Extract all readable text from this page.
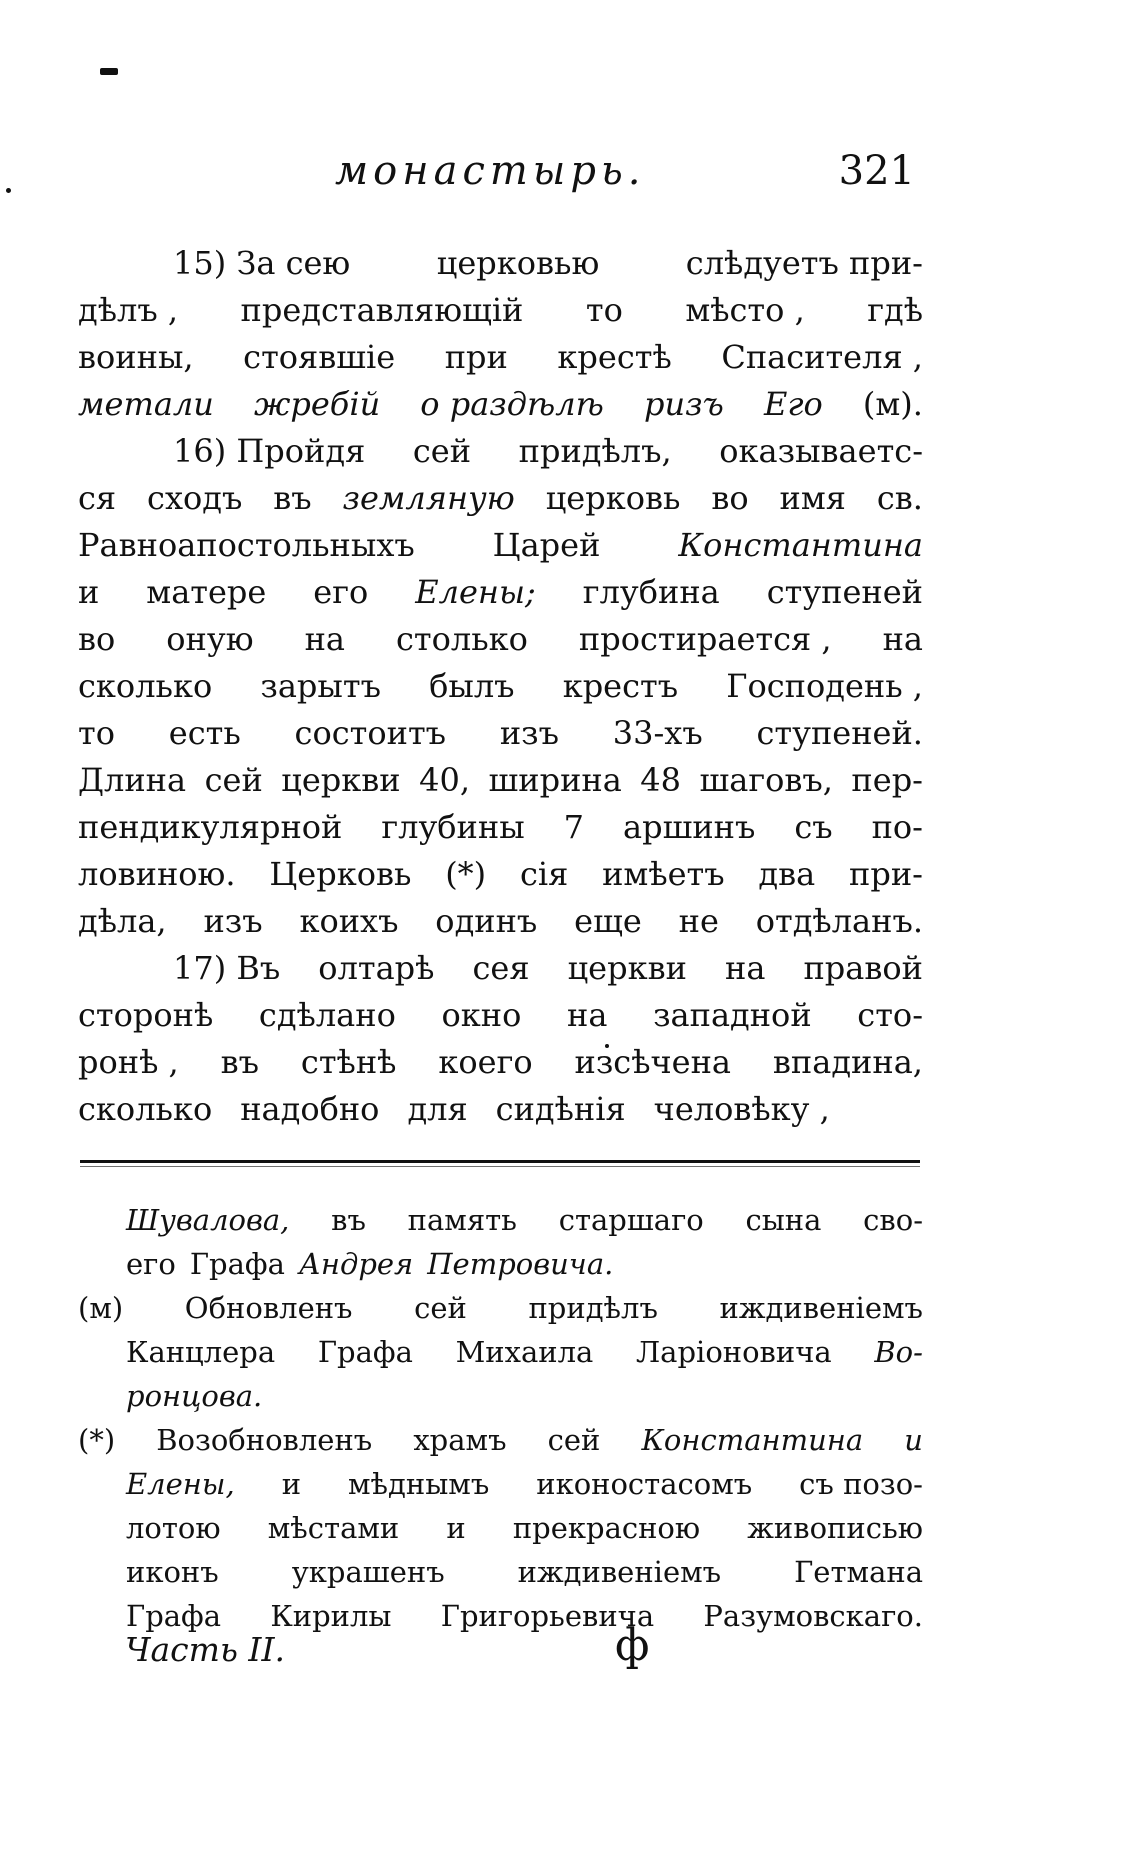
монастырь.	321
15) За сею	церковью	слѣдуетъ при-
дѣлъ , представляющій то мѣсто , гдѣ
воины, стоявшіе при крестѣ Спасителя ,
метали жребій о раздѣлѣ ризъ Его (м).
16) Пройдя сей придѣлъ, оказываетс-
ся сходъ въ земляную церковь во имя св.
Равноапостольныхъ Царей Константина
и матере его Елены; глубина ступеней
во оную на столько простирается , на
сколько зарытъ былъ крестъ Господень ,
то есть состоитъ изъ 33-хъ ступеней.
Длина сей церкви 40, ширина 48 шаговъ, пер-
пендикулярной глубины 7 аршинъ съ по-
ловиною. Церковь (*) сія имѣетъ два при-
дѣла, изъ коихъ одинъ еще не отдѣланъ.
17) Въ олтарѣ сея церкви на правой
сторонѣ сдѣлано окно на западной сто-
ронѣ , въ стѣнѣ коего изсѣчена впадина,
сколько надобно для сидѣнія человѣку ,
Шувалова, въ память старшаго сына сво-
его Графа Андрея Петровича.
(м) Обновленъ сей придѣлъ иждивеніемъ
Канцлера Графа Михаила Ларіоновича Во-
ронцова.
(*) Возобновленъ храмъ сей Константина и
Елены, и мѣднымъ иконостасомъ съ позо-
лотою мѣстами и прекрасною живописью
иконъ	украшенъ	иждивеніемъ	Гетмана
Графа Кирилы Григорьевича Разумовскаго.
Часть II.	ф
